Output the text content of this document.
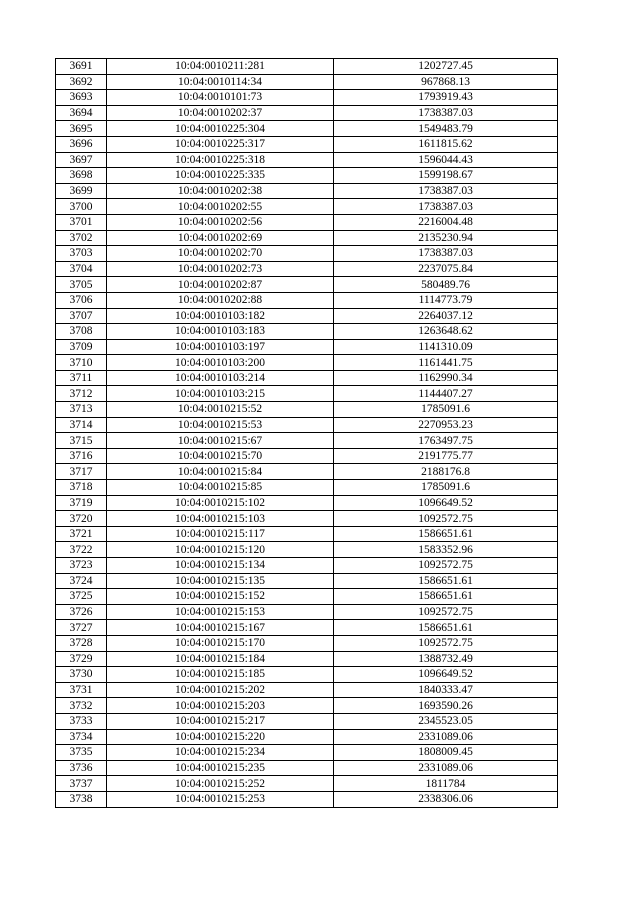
3691	10:04:0010211:281	1202727.45
3692	10:04:0010114:34	967868.13
3693	10:04:0010101:73	1793919.43
3694	10:04:0010202:37	1738387.03
3695	10:04:0010225:304	1549483.79
3696	10:04:0010225:317	1611815.62
3697	10:04:0010225:318	1596044.43
3698	10:04:0010225:335	1599198.67
3699	10:04:0010202:38	1738387.03
3700	10:04:0010202:55	1738387.03
3701	10:04:0010202:56	2216004.48
3702	10:04:0010202:69	2135230.94
3703	10:04:0010202:70	1738387.03
3704	10:04:0010202:73	2237075.84
3705	10:04:0010202:87	580489.76
3706	10:04:0010202:88	1114773.79
3707	10:04:0010103:182	2264037.12
3708	10:04:0010103:183	1263648.62
3709	10:04:0010103:197	1141310.09
3710	10:04:0010103:200	1161441.75
3711	10:04:0010103:214	1162990.34
3712	10:04:0010103:215	1144407.27
3713	10:04:0010215:52	1785091.6
3714	10:04:0010215:53	2270953.23
3715	10:04:0010215:67	1763497.75
3716	10:04:0010215:70	2191775.77
3717	10:04:0010215:84	2188176.8
3718	10:04:0010215:85	1785091.6
3719	10:04:0010215:102	1096649.52
3720	10:04:0010215:103	1092572.75
3721	10:04:0010215:117	1586651.61
3722	10:04:0010215:120	1583352.96
3723	10:04:0010215:134	1092572.75
3724	10:04:0010215:135	1586651.61
3725	10:04:0010215:152	1586651.61
3726	10:04:0010215:153	1092572.75
3727	10:04:0010215:167	1586651.61
3728	10:04:0010215:170	1092572.75
3729	10:04:0010215:184	1388732.49
3730	10:04:0010215:185	1096649.52
3731	10:04:0010215:202	1840333.47
3732	10:04:0010215:203	1693590.26
3733	10:04:0010215:217	2345523.05
3734	10:04:0010215:220	2331089.06
3735	10:04:0010215:234	1808009.45
3736	10:04:0010215:235	2331089.06
3737	10:04:0010215:252	1811784
3738	10:04:0010215:253	2338306.06
